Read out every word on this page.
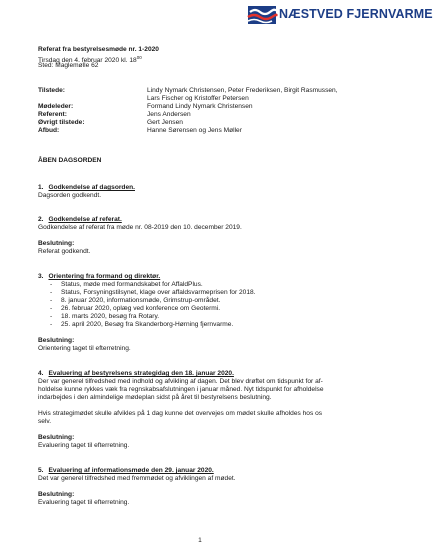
NÆSTVED FJERNVARME
Referat fra bestyrelsesmøde nr. 1-2020
Tirsdag den 4. februar 2020 kl. $18^{00}$
Sted: Maglemølle 62
Tilstede:	Lindy Nymark Christensen, Peter Frederiksen, Birgit Rasmussen,
Lars Fischer og Kristoffer Petersen
Mødeleder:	Formand Lindy Nymark Christensen
Referent:	Jens Andersen
Øvrigt tilstede:	Gert Jensen
Afbud:	Hanne Sørensen og Jens Møller
ÅBEN DAGSORDEN
1. Godkendelse af dagsorden.
Dagsorden godkendt.
2. Godkendelse af referat.
Godkendelse af referat fra møde nr. 08-2019 den 10. december 2019.
Beslutning:
Referat godkendt.
3. Orientering fra formand og direktør.
- Status, møde med formandskabet for AffaldPlus.
- Status, Forsyningstilsynet, klage over affaldsvarmeprisen for 2018.
- 8. januar 2020, informationsmøde, Grimstrup-området.
- 26. februar 2020, oplæg ved konference om Geotermi.
- 18. marts 2020, besøg fra Rotary.
- 25. april 2020, Besøg fra Skanderborg-Hørning fjernvarme.
Beslutning:
Orientering taget til efterretning.
4. Evaluering af bestyrelsens strategidag den 18. januar 2020.
Der var generel tilfredshed med indhold og afvikling af dagen. Det blev drøftet om tidspunkt for af-
holdelse kunne rykkes væk fra regnskabsafslutningen i januar måned. Nyt tidspunkt for afholdelse
indarbejdes i den almindelige mødeplan sidst på året til bestyrelsens beslutning.
Hvis strategimødet skulle afvikles på 1 dag kunne det overvejes om mødet skulle afholdes hos os
selv.
Beslutning:
Evaluering taget til efterretning.
5. Evaluering af informationsmøde den 29. januar 2020.
Det var generel tilfredshed med fremmødet og afviklingen af mødet.
Beslutning:
Evaluering taget til efterretning.
1
